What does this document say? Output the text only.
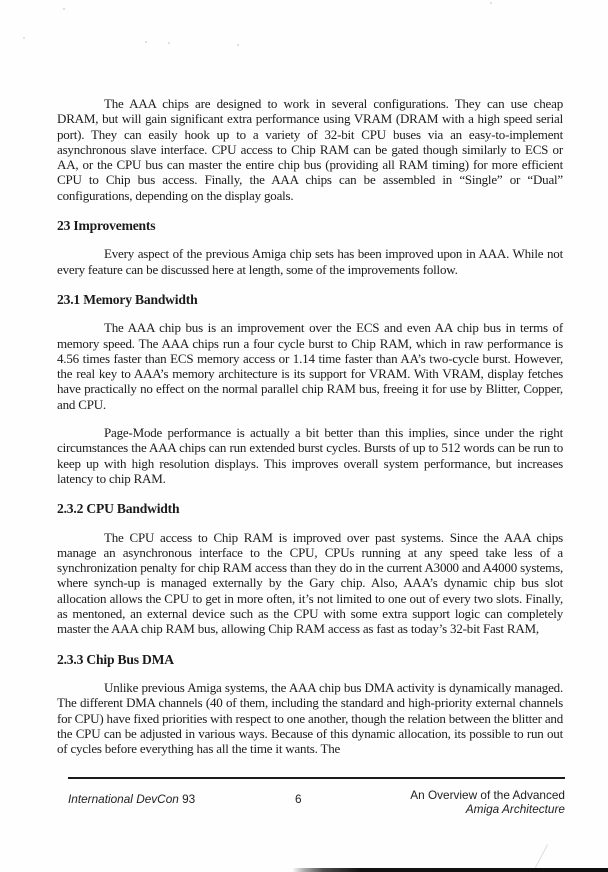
The AAA chips are designed to work in several configurations. They can use cheap DRAM, but will gain significant extra performance using VRAM (DRAM with a high speed serial port). They can easily hook up to a variety of 32-bit CPU buses via an easy-to-implement asynchronous slave interface. CPU access to Chip RAM can be gated though similarly to ECS or AA, or the CPU bus can master the entire chip bus (providing all RAM timing) for more efficient CPU to Chip bus access. Finally, the AAA chips can be assembled in “Single” or “Dual” configurations, depending on the display goals.

23 Improvements

Every aspect of the previous Amiga chip sets has been improved upon in AAA. While not every feature can be discussed here at length, some of the improvements follow.

23.1 Memory Bandwidth

The AAA chip bus is an improvement over the ECS and even AA chip bus in terms of memory speed. The AAA chips run a four cycle burst to Chip RAM, which in raw performance is 4.56 times faster than ECS memory access or 1.14 time faster than AA’s two-cycle burst. However, the real key to AAA’s memory architecture is its support for VRAM. With VRAM, display fetches have practically no effect on the normal parallel chip RAM bus, freeing it for use by Blitter, Copper, and CPU.

Page-Mode performance is actually a bit better than this implies, since under the right circumstances the AAA chips can run extended burst cycles. Bursts of up to 512 words can be run to keep up with high resolution displays. This improves overall system performance, but increases latency to chip RAM.

2.3.2 CPU Bandwidth

The CPU access to Chip RAM is improved over past systems. Since the AAA chips manage an asynchronous interface to the CPU, CPUs running at any speed take less of a synchronization penalty for chip RAM access than they do in the current A3000 and A4000 systems, where synch-up is managed externally by the Gary chip. Also, AAA’s dynamic chip bus slot allocation allows the CPU to get in more often, it’s not limited to one out of every two slots. Finally, as mentoned, an external device such as the CPU with some extra support logic can completely master the AAA chip RAM bus, allowing Chip RAM access as fast as today’s 32-bit Fast RAM,

2.3.3 Chip Bus DMA

Unlike previous Amiga systems, the AAA chip bus DMA activity is dynamically managed. The different DMA channels (40 of them, including the standard and high-priority external channels for CPU) have fixed priorities with respect to one another, though the relation between the blitter and the CPU can be adjusted in various ways. Because of this dynamic allocation, its possible to run out of cycles before everything has all the time it wants. The

International DevCon 93	6	An Overview of the Advanced
Amiga Architecture
